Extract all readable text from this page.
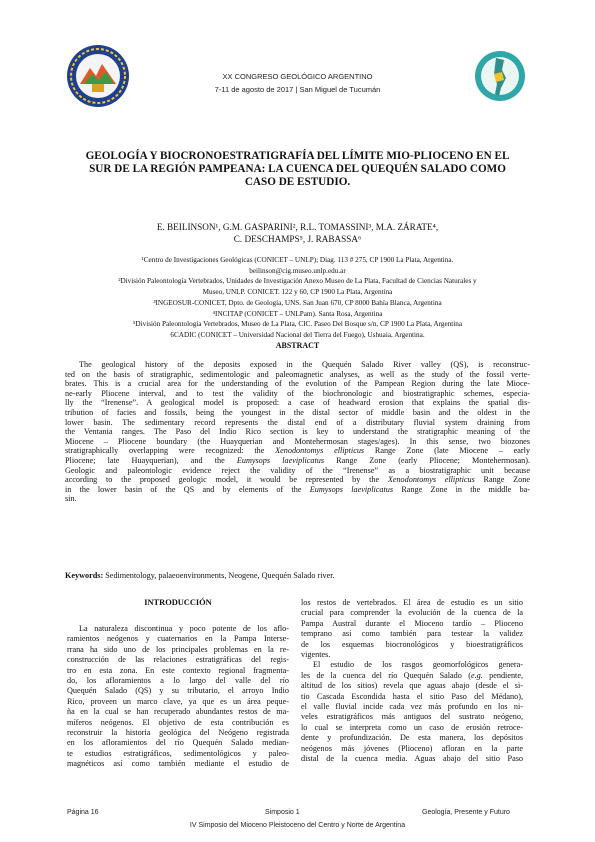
XX CONGRESO GEOLÓGICO ARGENTINO
7-11 de agosto de 2017 | San Miguel de Tucumán
GEOLOGÍA Y BIOCRONOESTRATIGRAFÍA DEL LÍMITE MIO-PLIOCENO EN EL
SUR DE LA REGIÓN PAMPEANA: LA CUENCA DEL QUEQUÉN SALADO COMO
CASO DE ESTUDIO.
E. BEILINSON¹, G.M. GASPARINI², R.L. TOMASSINI³, M.A. ZÁRATE⁴,
C. DESCHAMPS⁵, J. RABASSA⁶
¹Centro de Investigaciones Geológicas (CONICET – UNLP); Diag. 113 # 275, CP 1900 La Plata, Argentina.
beilinson@cig.museo.unlp.edu.ar
²División Paleontología Vertebrados, Unidades de Investigación Anexo Museo de La Plata, Facultad de Ciencias Naturales y
Museo, UNLP. CONICET. 122 y 60, CP 1900 La Plata, Argentina
³INGEOSUR-CONICET, Dpto. de Geología, UNS. San Juan 670, CP 8000 Bahía Blanca, Argentina
⁴INCITAP (CONICET – UNLPam). Santa Rosa, Argentina
⁵División Paleontología Vertebrados, Museo de La Plata, CIC. Paseo Del Bosque s/n, CP 1900 La Plata, Argentina
6CADIC (CONICET – Universidad Nacional del Tierra del Fuego), Ushuaia, Argentina.
ABSTRACT
The geological history of the deposits exposed in the Quequén Salado River valley (QS), is reconstruc-
ted on the basis of stratigraphic, sedimentologic and paleomagnetic analyses, as well as the study of the fossil verte-
brates. This is a crucial area for the understanding of the evolution of the Pampean Region during the late Mioce-
ne-early Pliocene interval, and to test the validity of the biochronologic and biostratigraphic schemes, especia-
lly the “Irenense”. A geological model is proposed: a case of headward erosion that explains the spatial dis-
tribution of facies and fossils, being the youngest in the distal sector of middle basin and the oldest in the
lower basin. The sedimentary record represents the distal end of a distributary fluvial system draining from
the Ventania ranges. The Paso del Indio Rico section is key to understand the stratigraphic meaning of the
Miocene – Pliocene boundary (the Huayquerian and Montehermosan stages/ages). In this sense, two biozones
stratigraphically overlapping were recognized: the Xenodontomys ellipticus Range Zone (late Miocene – early
Pliocene; late Huayquerian), and the Eumysops laeviplicatus Range Zone (early Pliocene; Montehermosan).
Geologic and paleontologic evidence reject the validity of the “Irenense” as a biostratigraphic unit because
according to the proposed geologic model, it would be represented by the Xenodontomys ellipticus Range Zone
in the lower basin of the QS and by elements of the Eumysops laeviplicatus Range Zone in the middle ba-
sin.
Keywords: Sedimentology, palaeoenvironments, Neogene, Quequén Salado river.
INTRODUCCIÓN
La naturaleza discontinua y poco potente de los aflo-
ramientos neógenos y cuaternarios en la Pampa Interse-
rrana ha sido uno de los principales problemas en la re-
construcción de las relaciones estratigráficas del regis-
tro en esta zona. En este contexto regional fragmenta-
do, los afloramientos a lo largo del valle del río
Quequén Salado (QS) y su tributario, el arroyo Indio
Rico, proveen un marco clave, ya que es un área peque-
ña en la cual se han recuperado abundantes restos de ma-
míferos neógenos. El objetivo de esta contribución es
reconstruir la historia geológica del Neógeno registrada
en los afloramientos del río Quequén Salado median-
te estudios estratigráficos, sedimentológicos y paleo-
magnéticos así como también mediante el estudio de
los restos de vertebrados. El área de estudio es un sitio
crucial para comprender la evolución de la cuenca de la
Pampa Austral durante el Mioceno tardío – Plioceno
temprano así como también para testear la validez
de los esquemas biocronológicos y bioestratigráficos
vigentes.
El estudio de los rasgos geomorfológicos genera-
les de la cuenca del río Quequén Salado (e.g. pendiente,
altitud de los sitios) revela que aguas abajo (desde el si-
tio Cascada Escondida hasta el sitio Paso del Médano),
el valle fluvial incide cada vez más profundo en los ni-
veles estratigráficos más antiguos del sustrato neógeno,
lo cual se interpreta como un caso de erosión retroce-
dente y profundización. De esta manera, los depósitos
neógenos más jóvenes (Plioceno) afloran en la parte
distal de la cuenca media. Aguas abajo del sitio Paso
Página 16	Simposio 1	Geología, Presente y Futuro
IV Simposio del Mioceno Pleistoceno del Centro y Norte de Argentina
